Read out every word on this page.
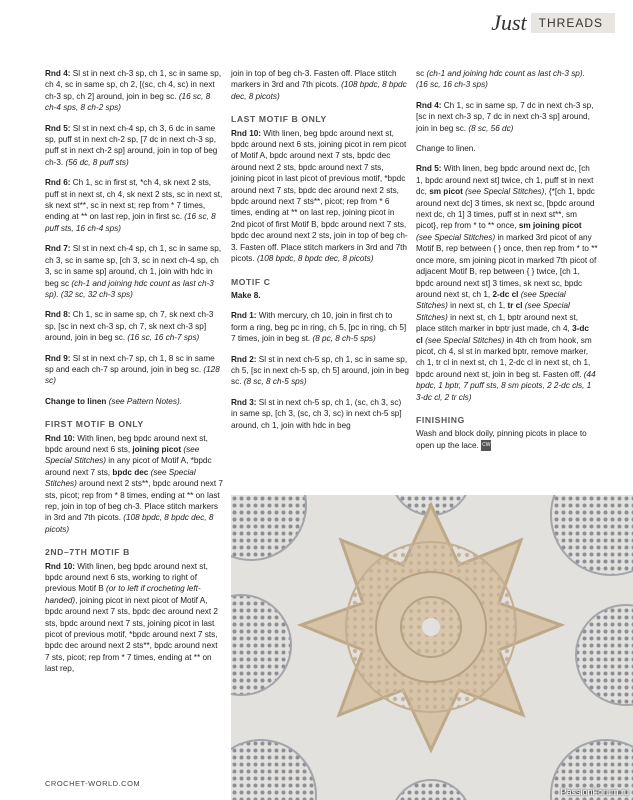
Just	THREADS

Rnd 4: Sl st in next ch-3 sp, ch 1, sc in same sp, ch 4, sc in same sp, ch 2, [(sc, ch 4, sc) in next ch-3 sp, ch 2] around, join in beg sc. (16 sc, 8 ch-4 sps, 8 ch-2 sps)

Rnd 5: Sl st in next ch-4 sp, ch 3, 6 dc in same sp, puff st in next ch-2 sp, [7 dc in next ch-3 sp, puff st in next ch-2 sp] around, join in top of beg ch-3. (56 dc, 8 puff sts)

Rnd 6: Ch 1, sc in first st, *ch 4, sk next 2 sts, puff st in next st, ch 4, sk next 2 sts, sc in next st, sk next st**, sc in next st; rep from * 7 times, ending at ** on last rep, join in first sc. (16 sc, 8 puff sts, 16 ch-4 sps)

Rnd 7: Sl st in next ch-4 sp, ch 1, sc in same sp, ch 3, sc in same sp, [ch 3, sc in next ch-4 sp, ch 3, sc in same sp] around, ch 1, join with hdc in beg sc (ch-1 and joining hdc count as last ch-3 sp). (32 sc, 32 ch-3 sps)

Rnd 8: Ch 1, sc in same sp, ch 7, sk next ch-3 sp, [sc in next ch-3 sp, ch 7, sk next ch-3 sp] around, join in beg sc. (16 sc, 16 ch-7 sps)

Rnd 9: Sl st in next ch-7 sp, ch 1, 8 sc in same sp and each ch-7 sp around, join in beg sc. (128 sc)

Change to linen (see Pattern Notes).

FIRST MOTIF B ONLY

Rnd 10: With linen, beg bpdc around next st, bpdc around next 6 sts, joining picot (see Special Stitches) in any picot of Motif A, *bpdc around next 7 sts, bpdc dec (see Special Stitches) around next 2 sts**, bpdc around next 7 sts, picot; rep from * 8 times, ending at ** on last rep, join in top of beg ch-3. Place stitch markers in 3rd and 7th picots. (108 bpdc, 8 bpdc dec, 8 picots)

2ND–7TH MOTIF B

Rnd 10: With linen, beg bpdc around next st, bpdc around next 6 sts, working to right of previous Motif B (or to left if crocheting left-handed), joining picot in next picot of Motif A, bpdc around next 7 sts, bpdc dec around next 2 sts, bpdc around next 7 sts, joining picot in last picot of previous motif, *bpdc around next 7 sts, bpdc dec around next 2 sts**, bpdc around next 7 sts, picot; rep from * 7 times, ending at ** on last rep,

join in top of beg ch-3. Fasten off. Place stitch markers in 3rd and 7th picots. (108 bpdc, 8 bpdc dec, 8 picots)

LAST MOTIF B ONLY

Rnd 10: With linen, beg bpdc around next st, bpdc around next 6 sts, joining picot in rem picot of Motif A, bpdc around next 7 sts, bpdc dec around next 2 sts, bpdc around next 7 sts, joining picot in last picot of previous motif, *bpdc around next 7 sts, bpdc dec around next 2 sts, bpdc around next 7 sts**, picot; rep from * 6 times, ending at ** on last rep, joining picot in 2nd picot of first Motif B, bpdc around next 7 sts, bpdc dec around next 2 sts, join in top of beg ch-3. Fasten off. Place stitch markers in 3rd and 7th picots. (108 bpdc, 8 bpdc dec, 8 picots)

MOTIF C

Make 8.

Rnd 1: With mercury, ch 10, join in first ch to form a ring, beg pc in ring, ch 5, [pc in ring, ch 5] 7 times, join in beg st. (8 pc, 8 ch-5 sps)

Rnd 2: Sl st in next ch-5 sp, ch 1, sc in same sp, ch 5, [sc in next ch-5 sp, ch 5] around, join in beg sc. (8 sc, 8 ch-5 sps)

Rnd 3: Sl st in next ch-5 sp, ch 1, (sc, ch 3, sc) in same sp, [ch 3, (sc, ch 3, sc) in next ch-5 sp] around, ch 1, join with hdc in beg

sc (ch-1 and joining hdc count as last ch-3 sp). (16 sc, 16 ch-3 sps)

Rnd 4: Ch 1, sc in same sp, 7 dc in next ch-3 sp, [sc in next ch-3 sp, 7 dc in next ch-3 sp] around, join in beg sc. (8 sc, 56 dc)

Change to linen.

Rnd 5: With linen, beg bpdc around next dc, [ch 1, bpdc around next st] twice, ch 1, puff st in next dc, sm picot (see Special Stitches), {*[ch 1, bpdc around next dc] 3 times, sk next sc, [bpdc around next dc, ch 1] 3 times, puff st in next st**, sm picot}, rep from * to ** once, sm joining picot (see Special Stitches) in marked 3rd picot of any Motif B, rep between { } once, then rep from * to ** once more, sm joining picot in marked 7th picot of adjacent Motif B, rep between { } twice, [ch 1, bpdc around next st] 3 times, sk next sc, bpdc around next st, ch 1, 2-dc cl (see Special Stitches) in next st, ch 1, tr cl (see Special Stitches) in next st, ch 1, bptr around next st, place stitch marker in bptr just made, ch 4, 3-dc cl (see Special Stitches) in 4th ch from hook, sm picot, ch 4, sl st in marked bptr, remove marker, ch 1, tr cl in next st, ch 1, 2-dc cl in next st, ch 1, bpdc around next st, join in beg st. Fasten off. (44 bpdc, 1 bptr, 7 puff sts, 8 sm picots, 2 2-dc cls, 1 3-dc cl, 2 tr cls)

FINISHING

Wash and block doily, pinning picots in place to open up the lace. CW

CROCHET-WORLD.COM
PassionForum.ru
